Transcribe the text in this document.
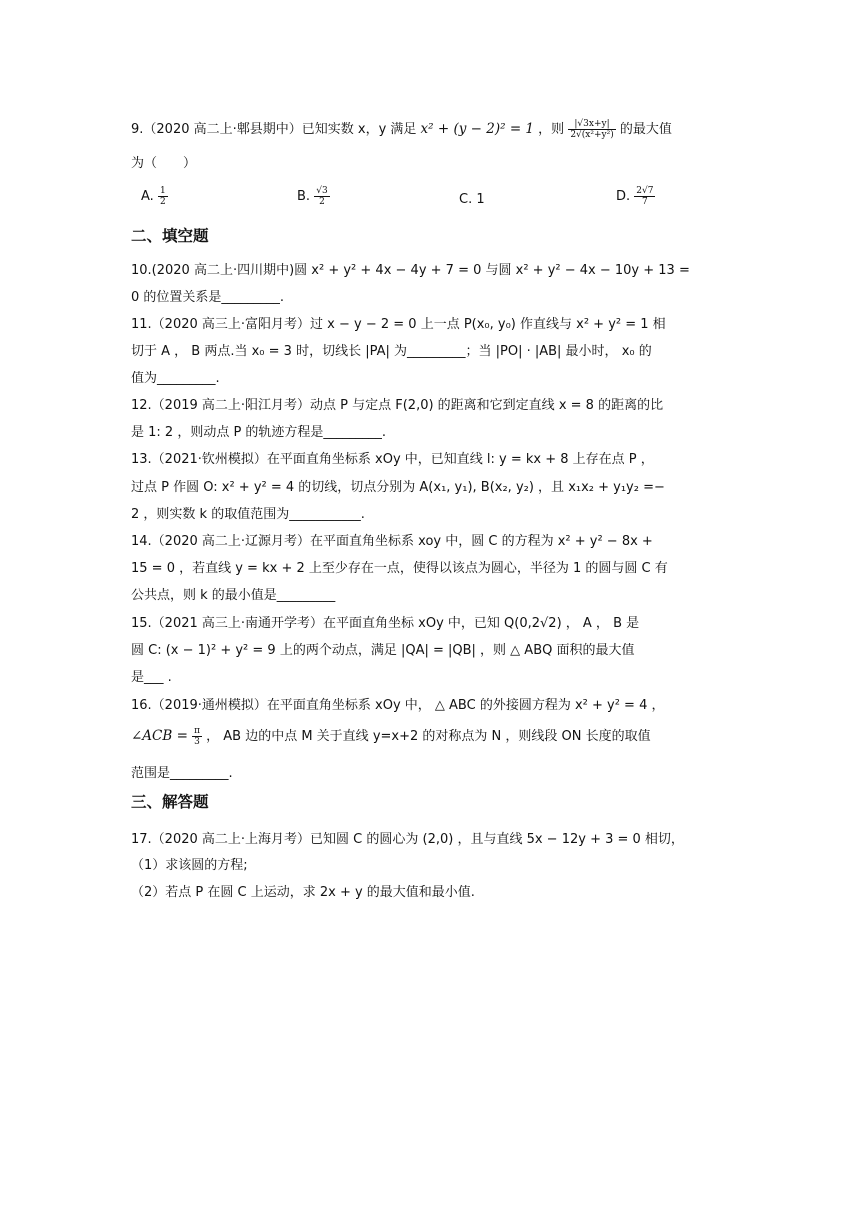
9.（2020 高二上·郫县期中）已知实数 x，y 满足 x² + (y − 2)² = 1 ，则 $\frac{|√3x+y|}{\text{2√(x²+y²)}}$ 的最大值
为（　　）
A. $\frac{1}{2}$	B. $\frac{√3}{2}$	C. 1	D. $\frac{2√7}{7}$
二、填空题
10.(2020 高二上·四川期中)圆 x² + y² + 4x − 4y + 7 = 0 与圆 x² + y² − 4x − 10y + 13 =
0 的位置关系是_________.
11.（2020 高三上·富阳月考）过 x − y − 2 = 0 上一点 P(x₀, y₀) 作直线与 x² + y² = 1 相
切于 A ， B 两点.当 x₀ = 3 时，切线长 |PA| 为_________；当 |PO| · |AB| 最小时， x₀ 的
值为_________.
12.（2019 高二上·阳江月考）动点 P 与定点 F(2,0) 的距离和它到定直线 x = 8 的距离的比
是 1: 2 ，则动点 P 的轨迹方程是_________.
13.（2021·钦州模拟）在平面直角坐标系 xOy 中，已知直线 l: y = kx + 8 上存在点 P ，
过点 P 作圆 O: x² + y² = 4 的切线，切点分别为 A(x₁, y₁), B(x₂, y₂) ，且 x₁x₂ + y₁y₂ =−
2 ，则实数 k 的取值范围为___________.
14.（2020 高二上·辽源月考）在平面直角坐标系 xoy 中，圆 C 的方程为 x² + y² − 8x +
15 = 0 ，若直线 y = kx + 2 上至少存在一点，使得以该点为圆心，半径为 1 的圆与圆 C 有
公共点，则 k 的最小值是_________
15.（2021 高三上·南通开学考）在平面直角坐标 xOy 中，已知 Q(0,2√2) ， A ， B 是
圆 C: (x − 1)² + y² = 9 上的两个动点，满足 |QA| = |QB| ，则 △ ABQ 面积的最大值
是___ .
16.（2019·通州模拟）在平面直角坐标系 xOy 中， △ ABC 的外接圆方程为 x² + y² = 4 ，
∠ACB = $\frac{\pi}{3}$ ， AB 边的中点 M 关于直线 y=x+2 的对称点为 N ，则线段 ON 长度的取值
范围是_________.
三、解答题
17.（2020 高二上·上海月考）已知圆 C 的圆心为 (2,0) ，且与直线 5x − 12y + 3 = 0 相切，
（1）求该圆的方程;
（2）若点 P 在圆 C 上运动，求 2x + y 的最大值和最小值.
